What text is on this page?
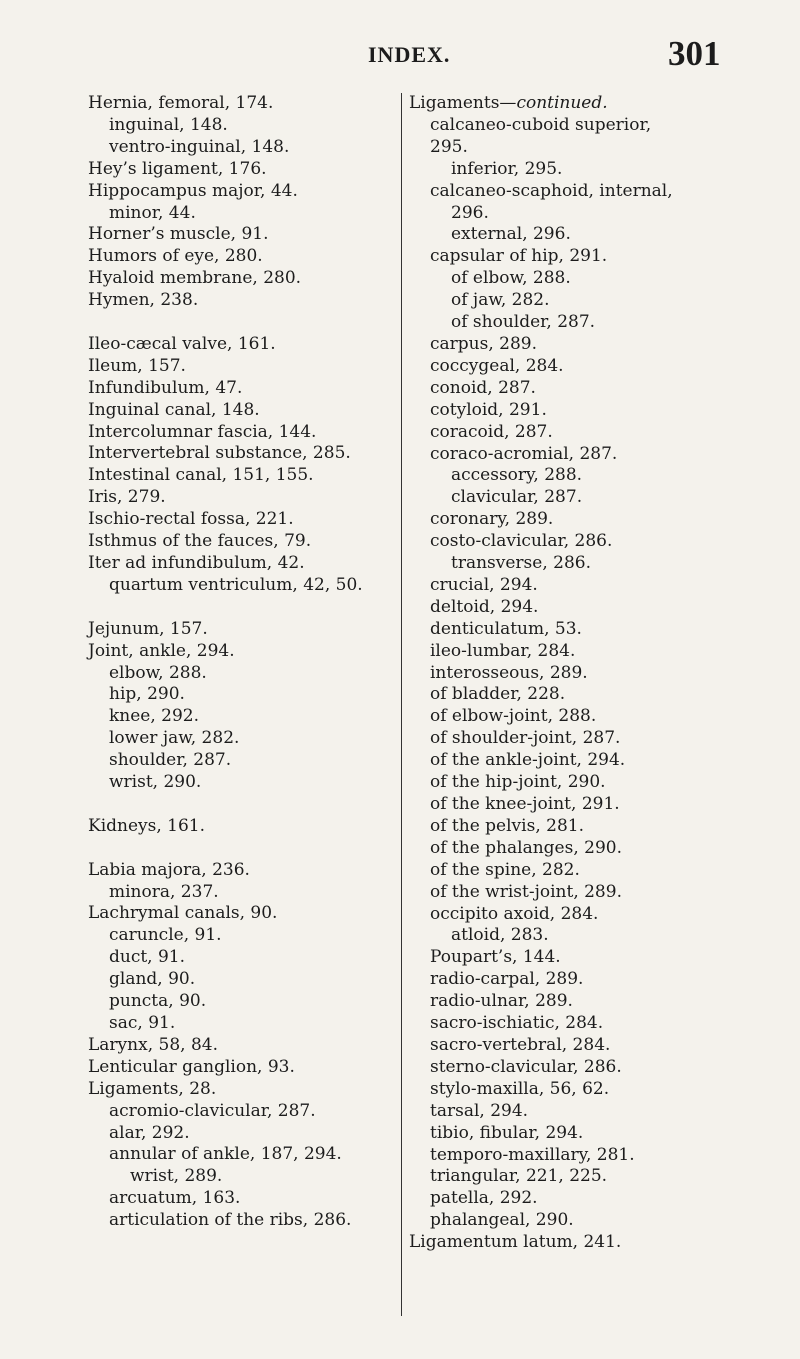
INDEX.	301
Hernia, femoral, 174.
inguinal, 148.
ventro-inguinal, 148.
Hey’s ligament, 176.
Hippocampus major, 44.
minor, 44.
Horner’s muscle, 91.
Humors of eye, 280.
Hyaloid membrane, 280.
Hymen, 238.
Ileo-cæcal valve, 161.
Ileum, 157.
Infundibulum, 47.
Inguinal canal, 148.
Intercolumnar fascia, 144.
Intervertebral substance, 285.
Intestinal canal, 151, 155.
Iris, 279.
Ischio-rectal fossa, 221.
Isthmus of the fauces, 79.
Iter ad infundibulum, 42.
quartum ventriculum, 42, 50.
Jejunum, 157.
Joint, ankle, 294.
elbow, 288.
hip, 290.
knee, 292.
lower jaw, 282.
shoulder, 287.
wrist, 290.
Kidneys, 161.
Labia majora, 236.
minora, 237.
Lachrymal canals, 90.
caruncle, 91.
duct, 91.
gland, 90.
puncta, 90.
sac, 91.
Larynx, 58, 84.
Lenticular ganglion, 93.
Ligaments, 28.
acromio-clavicular, 287.
alar, 292.
annular of ankle, 187, 294.
wrist, 289.
arcuatum, 163.
articulation of the ribs, 286.
Ligaments—continued.
calcaneo-cuboid superior,
295.
inferior, 295.
calcaneo-scaphoid, internal,
296.
external, 296.
capsular of hip, 291.
of elbow, 288.
of jaw, 282.
of shoulder, 287.
carpus, 289.
coccygeal, 284.
conoid, 287.
cotyloid, 291.
coracoid, 287.
coraco-acromial, 287.
accessory, 288.
clavicular, 287.
coronary, 289.
costo-clavicular, 286.
transverse, 286.
crucial, 294.
deltoid, 294.
denticulatum, 53.
ileo-lumbar, 284.
interosseous, 289.
of bladder, 228.
of elbow-joint, 288.
of shoulder-joint, 287.
of the ankle-joint, 294.
of the hip-joint, 290.
of the knee-joint, 291.
of the pelvis, 281.
of the phalanges, 290.
of the spine, 282.
of the wrist-joint, 289.
occipito axoid, 284.
atloid, 283.
Poupart’s, 144.
radio-carpal, 289.
radio-ulnar, 289.
sacro-ischiatic, 284.
sacro-vertebral, 284.
sterno-clavicular, 286.
stylo-maxilla, 56, 62.
tarsal, 294.
tibio, fibular, 294.
temporo-maxillary, 281.
triangular, 221, 225.
patella, 292.
phalangeal, 290.
Ligamentum latum, 241.
